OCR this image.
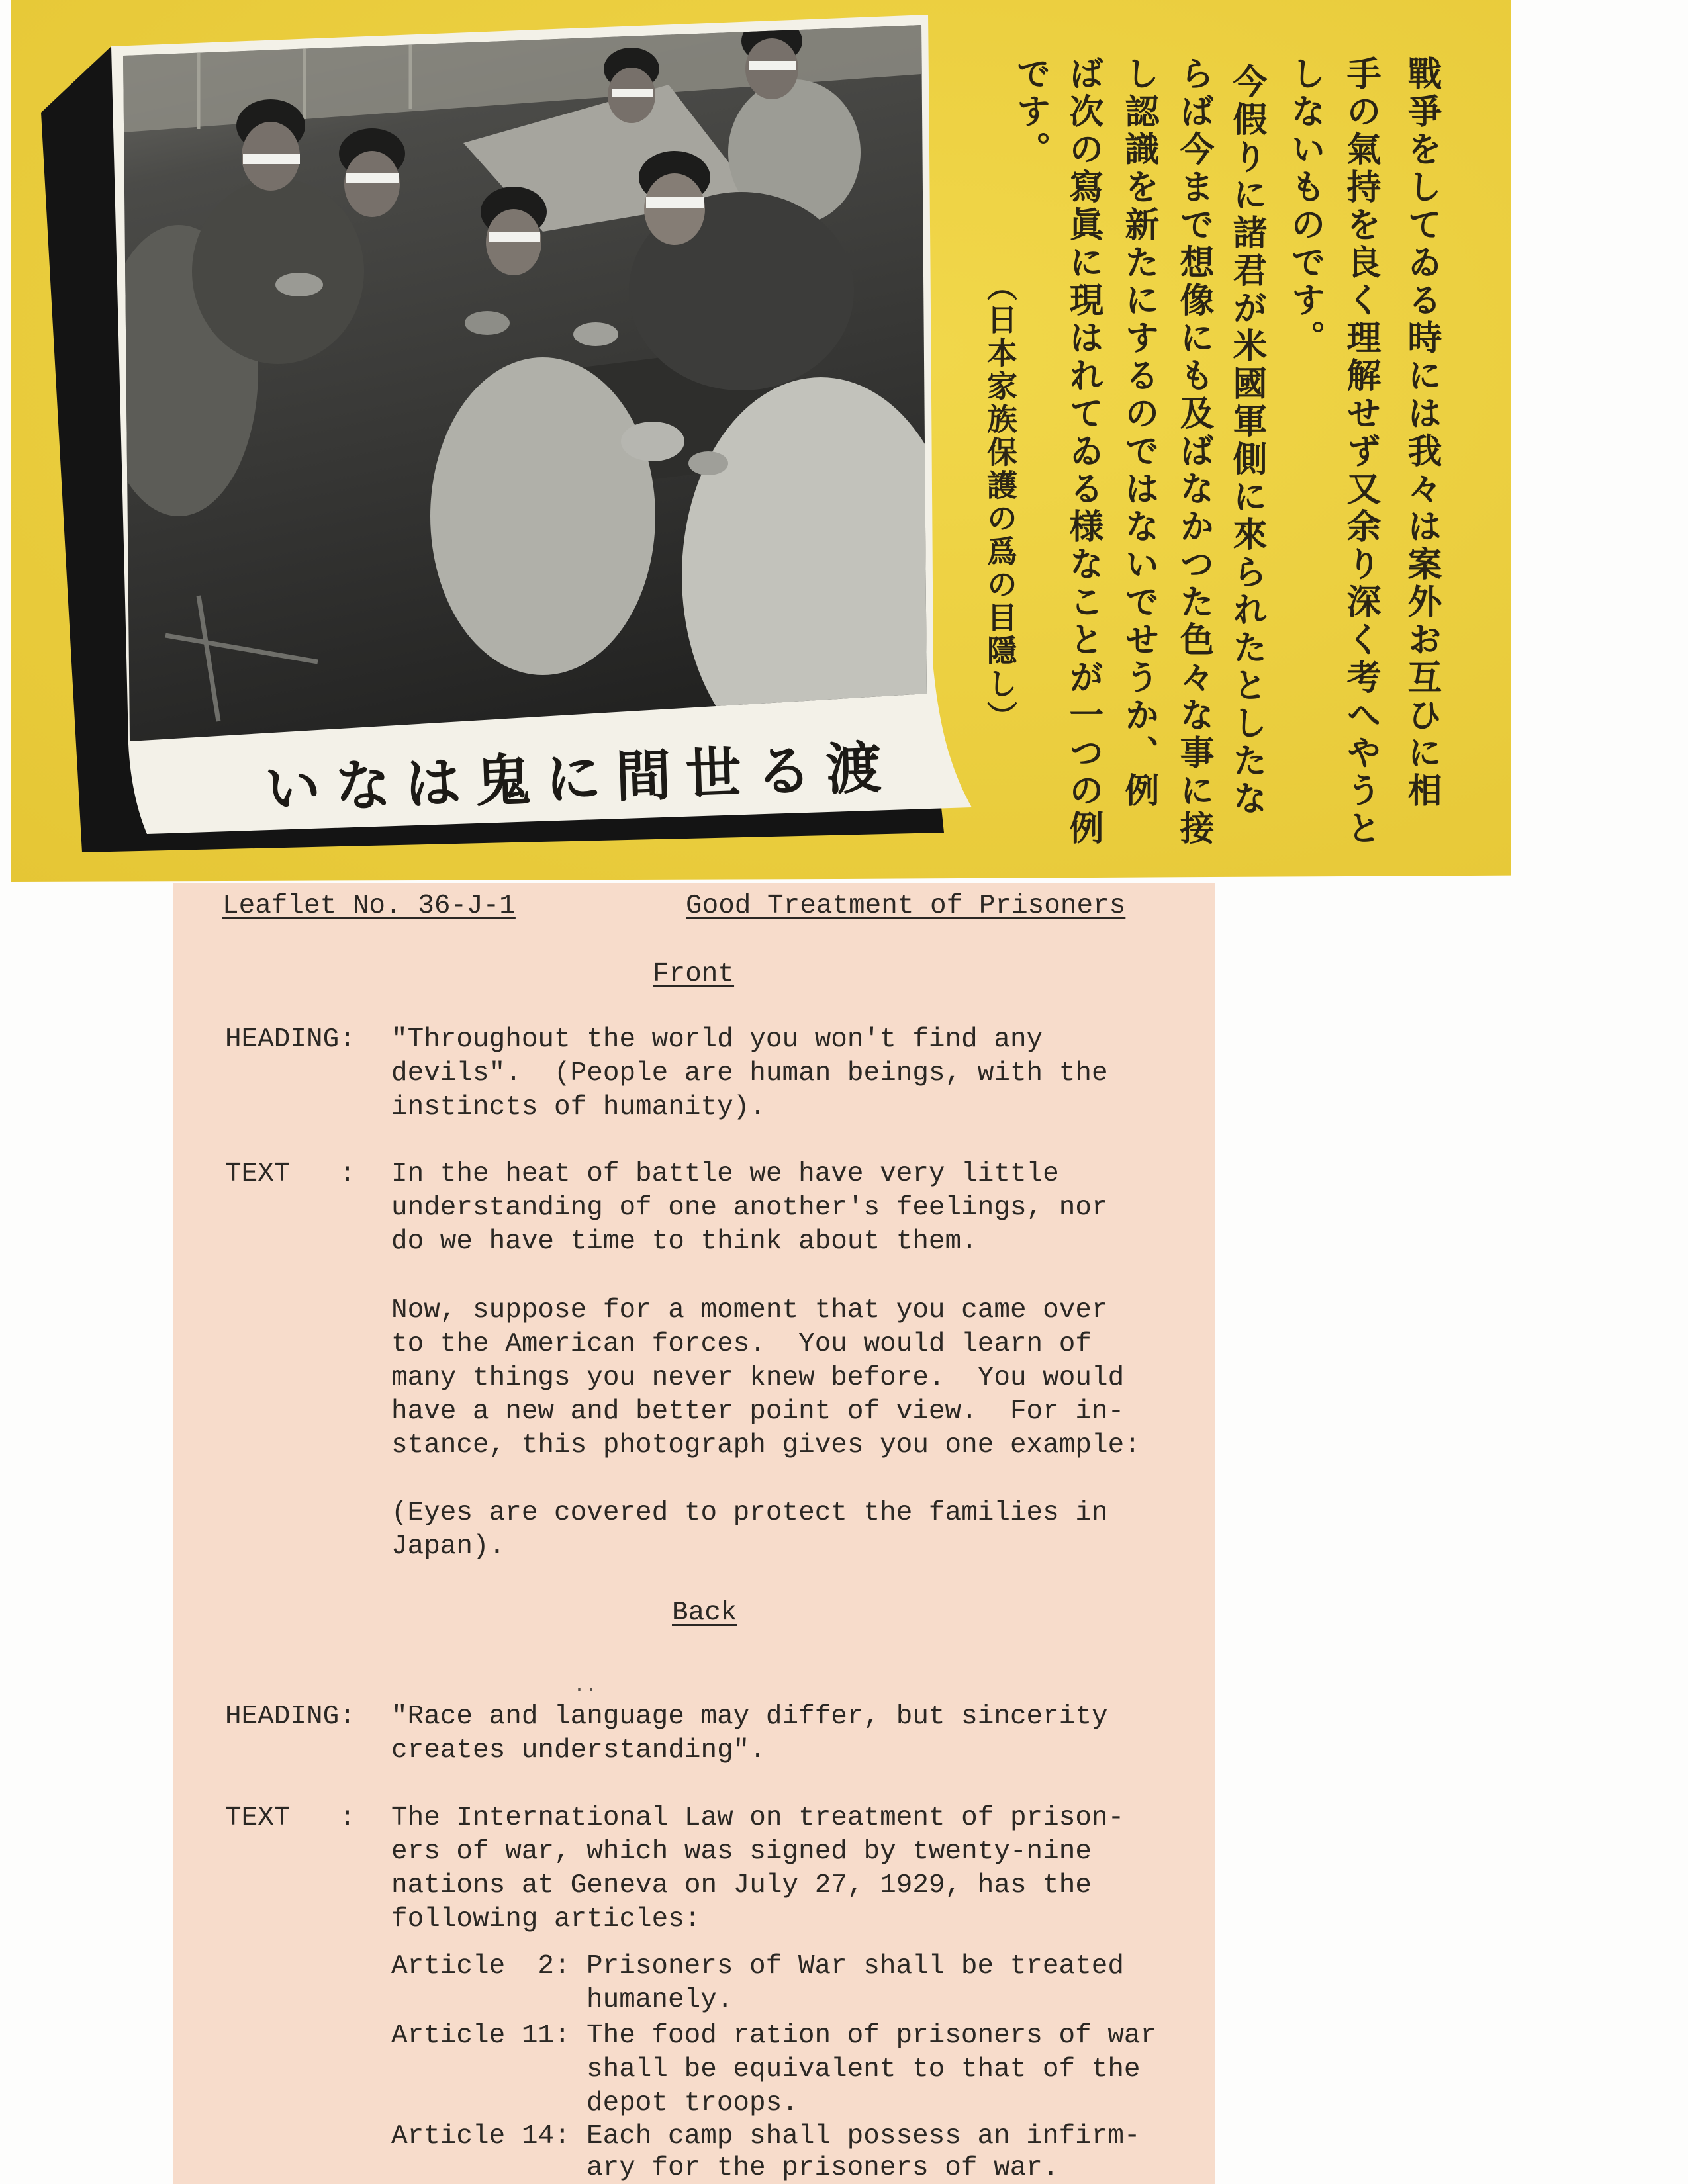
渡る世間に鬼はない	戰爭をしてゐる時には我々は案外お互ひに相
手の氣持を良く理解せず又余り深く考へやうと
しないものです。
今假りに諸君が米國軍側に來られたとしたな
らば今まで想像にも及ばなかつた色々な事に接
し認識を新たにするのではないでせうか、例
ば次の寫眞に現はれてゐる様なことが一つの例
です。
（日本家族保護の爲の目隱し）
Leaflet No. 36-J-1	Good Treatment of Prisoners
Front
HEADING: "Throughout the world you won't find any
devils".  (People are human beings, with the
instincts of humanity).
TEXT   : In the heat of battle we have very little
understanding of one another's feelings, nor
do we have time to think about them.
Now, suppose for a moment that you came over
to the American forces.  You would learn of
many things you never knew before.  You would
have a new and better point of view.  For in-
stance, this photograph gives you one example:
(Eyes are covered to protect the families in
Japan).
Back
..
HEADING: "Race and language may differ, but sincerity
creates understanding".
TEXT   : The International Law on treatment of prison-
ers of war, which was signed by twenty-nine
nations at Geneva on July 27, 1929, has the
following articles:
Article  2: Prisoners of War shall be treated
humanely.
Article 11: The food ration of prisoners of war
shall be equivalent to that of the
depot troops.
Article 14: Each camp shall possess an infirm-
ary for the prisoners of war.
